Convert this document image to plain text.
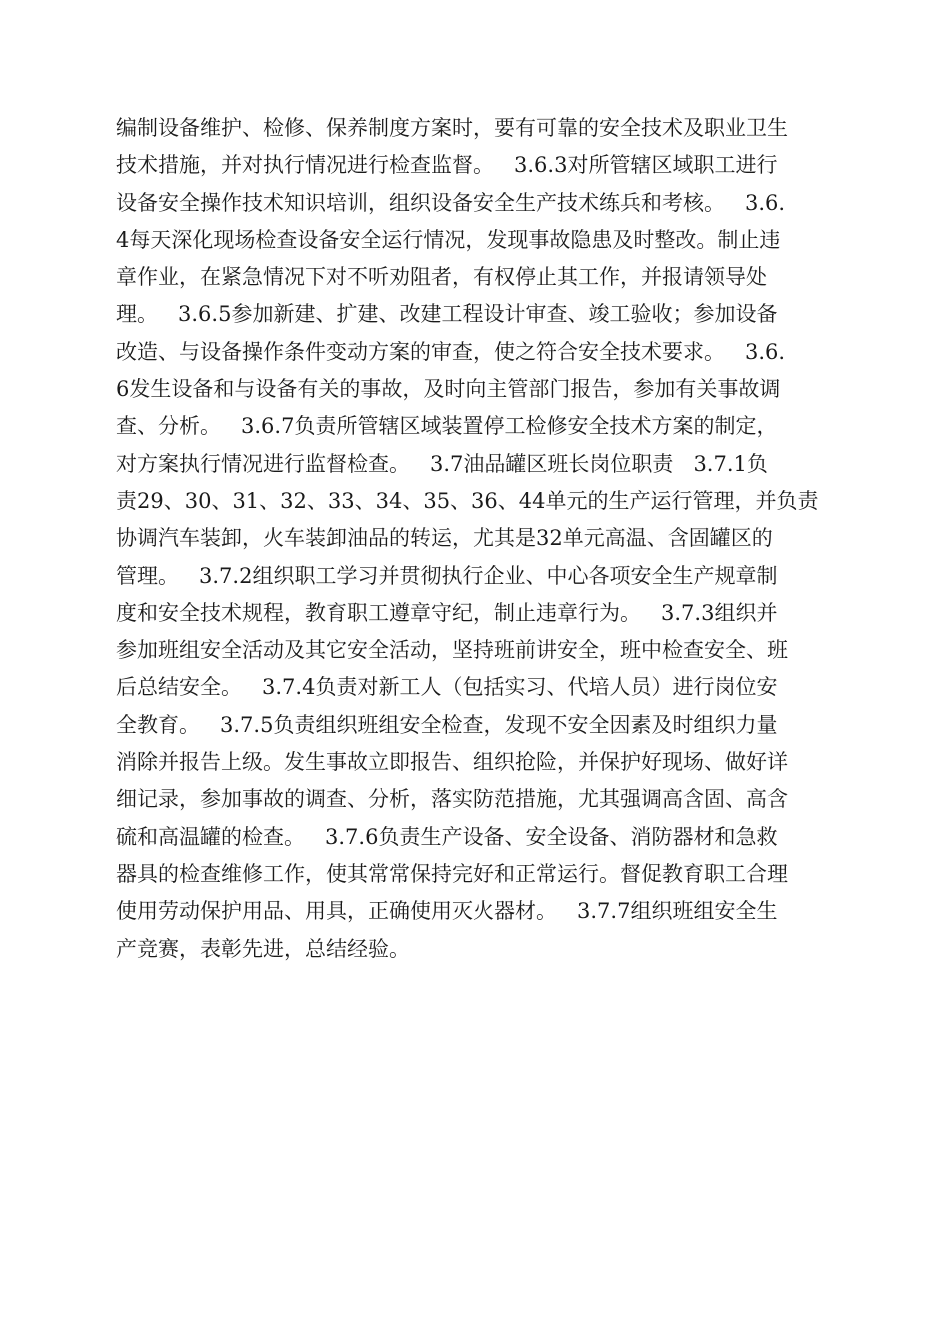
编制设备维护、检修、保养制度方案时，要有可靠的安全技术及职业卫生
技术措施，并对执行情况进行检查监督。   3.6.3对所管辖区域职工进行
设备安全操作技术知识培训，组织设备安全生产技术练兵和考核。   3.6.
4每天深化现场检查设备安全运行情况，发现事故隐患及时整改。制止违
章作业，在紧急情况下对不听劝阻者，有权停止其工作，并报请领导处
理。   3.6.5参加新建、扩建、改建工程设计审查、竣工验收；参加设备
改造、与设备操作条件变动方案的审查，使之符合安全技术要求。   3.6.
6发生设备和与设备有关的事故，及时向主管部门报告，参加有关事故调
查、分析。   3.6.7负责所管辖区域装置停工检修安全技术方案的制定，
对方案执行情况进行监督检查。   3.7油品罐区班长岗位职责   3.7.1负
责29、30、31、32、33、34、35、36、44单元的生产运行管理，并负责
协调汽车装卸，火车装卸油品的转运，尤其是32单元高温、含固罐区的
管理。   3.7.2组织职工学习并贯彻执行企业、中心各项安全生产规章制
度和安全技术规程，教育职工遵章守纪，制止违章行为。   3.7.3组织并
参加班组安全活动及其它安全活动，坚持班前讲安全，班中检查安全、班
后总结安全。   3.7.4负责对新工人（包括实习、代培人员）进行岗位安
全教育。   3.7.5负责组织班组安全检查，发现不安全因素及时组织力量
消除并报告上级。发生事故立即报告、组织抢险，并保护好现场、做好详
细记录，参加事故的调查、分析，落实防范措施，尤其强调高含固、高含
硫和高温罐的检查。   3.7.6负责生产设备、安全设备、消防器材和急救
器具的检查维修工作，使其常常保持完好和正常运行。督促教育职工合理
使用劳动保护用品、用具，正确使用灭火器材。   3.7.7组织班组安全生
产竞赛，表彰先进，总结经验。
